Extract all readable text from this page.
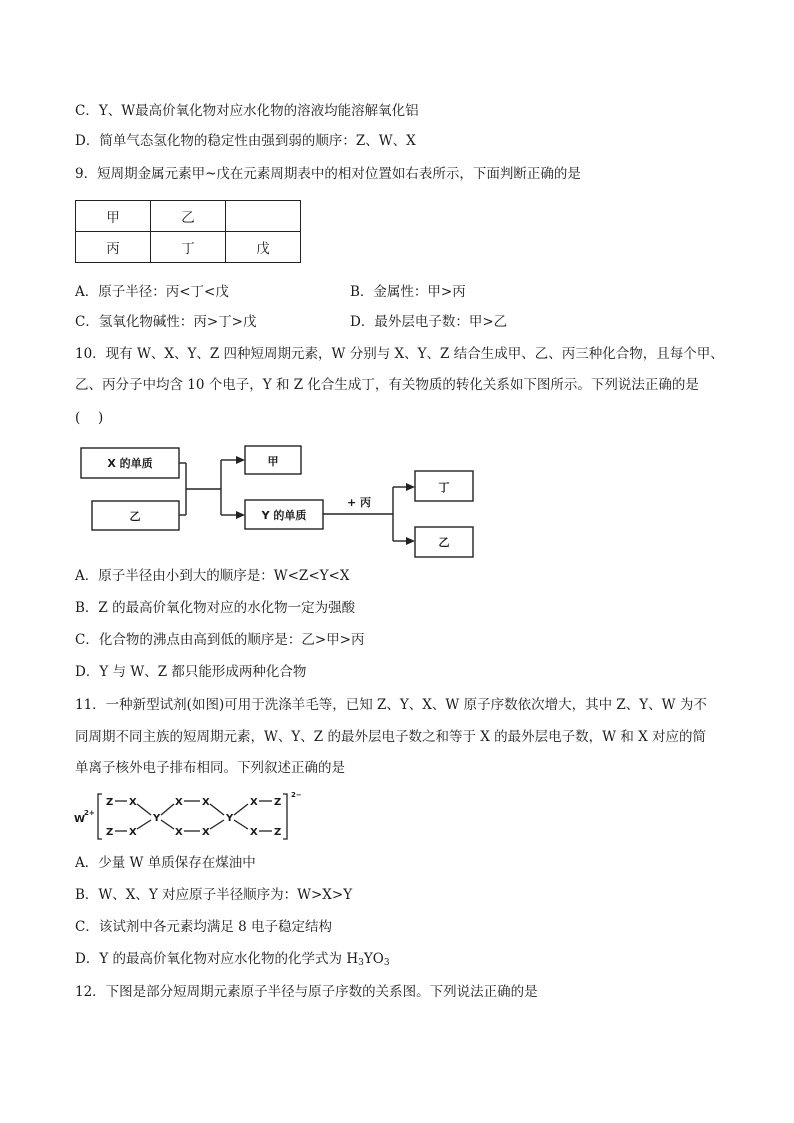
C．Y、W最高价氧化物对应水化物的溶液均能溶解氧化铝
D．简单气态氢化物的稳定性由强到弱的顺序：Z、W、X
9．短周期金属元素甲~戊在元素周期表中的相对位置如右表所示，下面判断正确的是
甲	乙	
丙	丁	戊
A．原子半径：丙<丁<戊	B．金属性：甲>丙
C．氢氧化物碱性：丙>丁>戊	D．最外层电子数：甲>乙
10．现有 W、X、Y、Z 四种短周期元素，W 分别与 X、Y、Z 结合生成甲、乙、丙三种化合物，且每个甲、
乙、丙分子中均含 10 个电子，Y 和 Z 化合生成丁，有关物质的转化关系如下图所示。下列说法正确的是
(　 )
X 的单质
乙
甲
Y 的单质
+ 丙
丁
乙
A．原子半径由小到大的顺序是：W<Z<Y<X
B．Z 的最高价氧化物对应的水化物一定为强酸
C．化合物的沸点由高到低的顺序是：乙>甲>丙
D．Y 与 W、Z 都只能形成两种化合物
11．一种新型试剂(如图)可用于洗涤羊毛等，已知 Z、Y、X、W 原子序数依次增大，其中 Z、Y、W 为不
同周期不同主族的短周期元素，W、Y、Z 的最外层电子数之和等于 X 的最外层电子数，W 和 X 对应的简
单离子核外电子排布相同。下列叙述正确的是
W
2+
2−
Z X
Z X
Y
X X
X X
Y
X Z
X Z
A．少量 W 单质保存在煤油中
B．W、X、Y 对应原子半径顺序为：W>X>Y
C．该试剂中各元素均满足 8 电子稳定结构
D．Y 的最高价氧化物对应水化物的化学式为 $H_3YO_3$
12．下图是部分短周期元素原子半径与原子序数的关系图。下列说法正确的是
